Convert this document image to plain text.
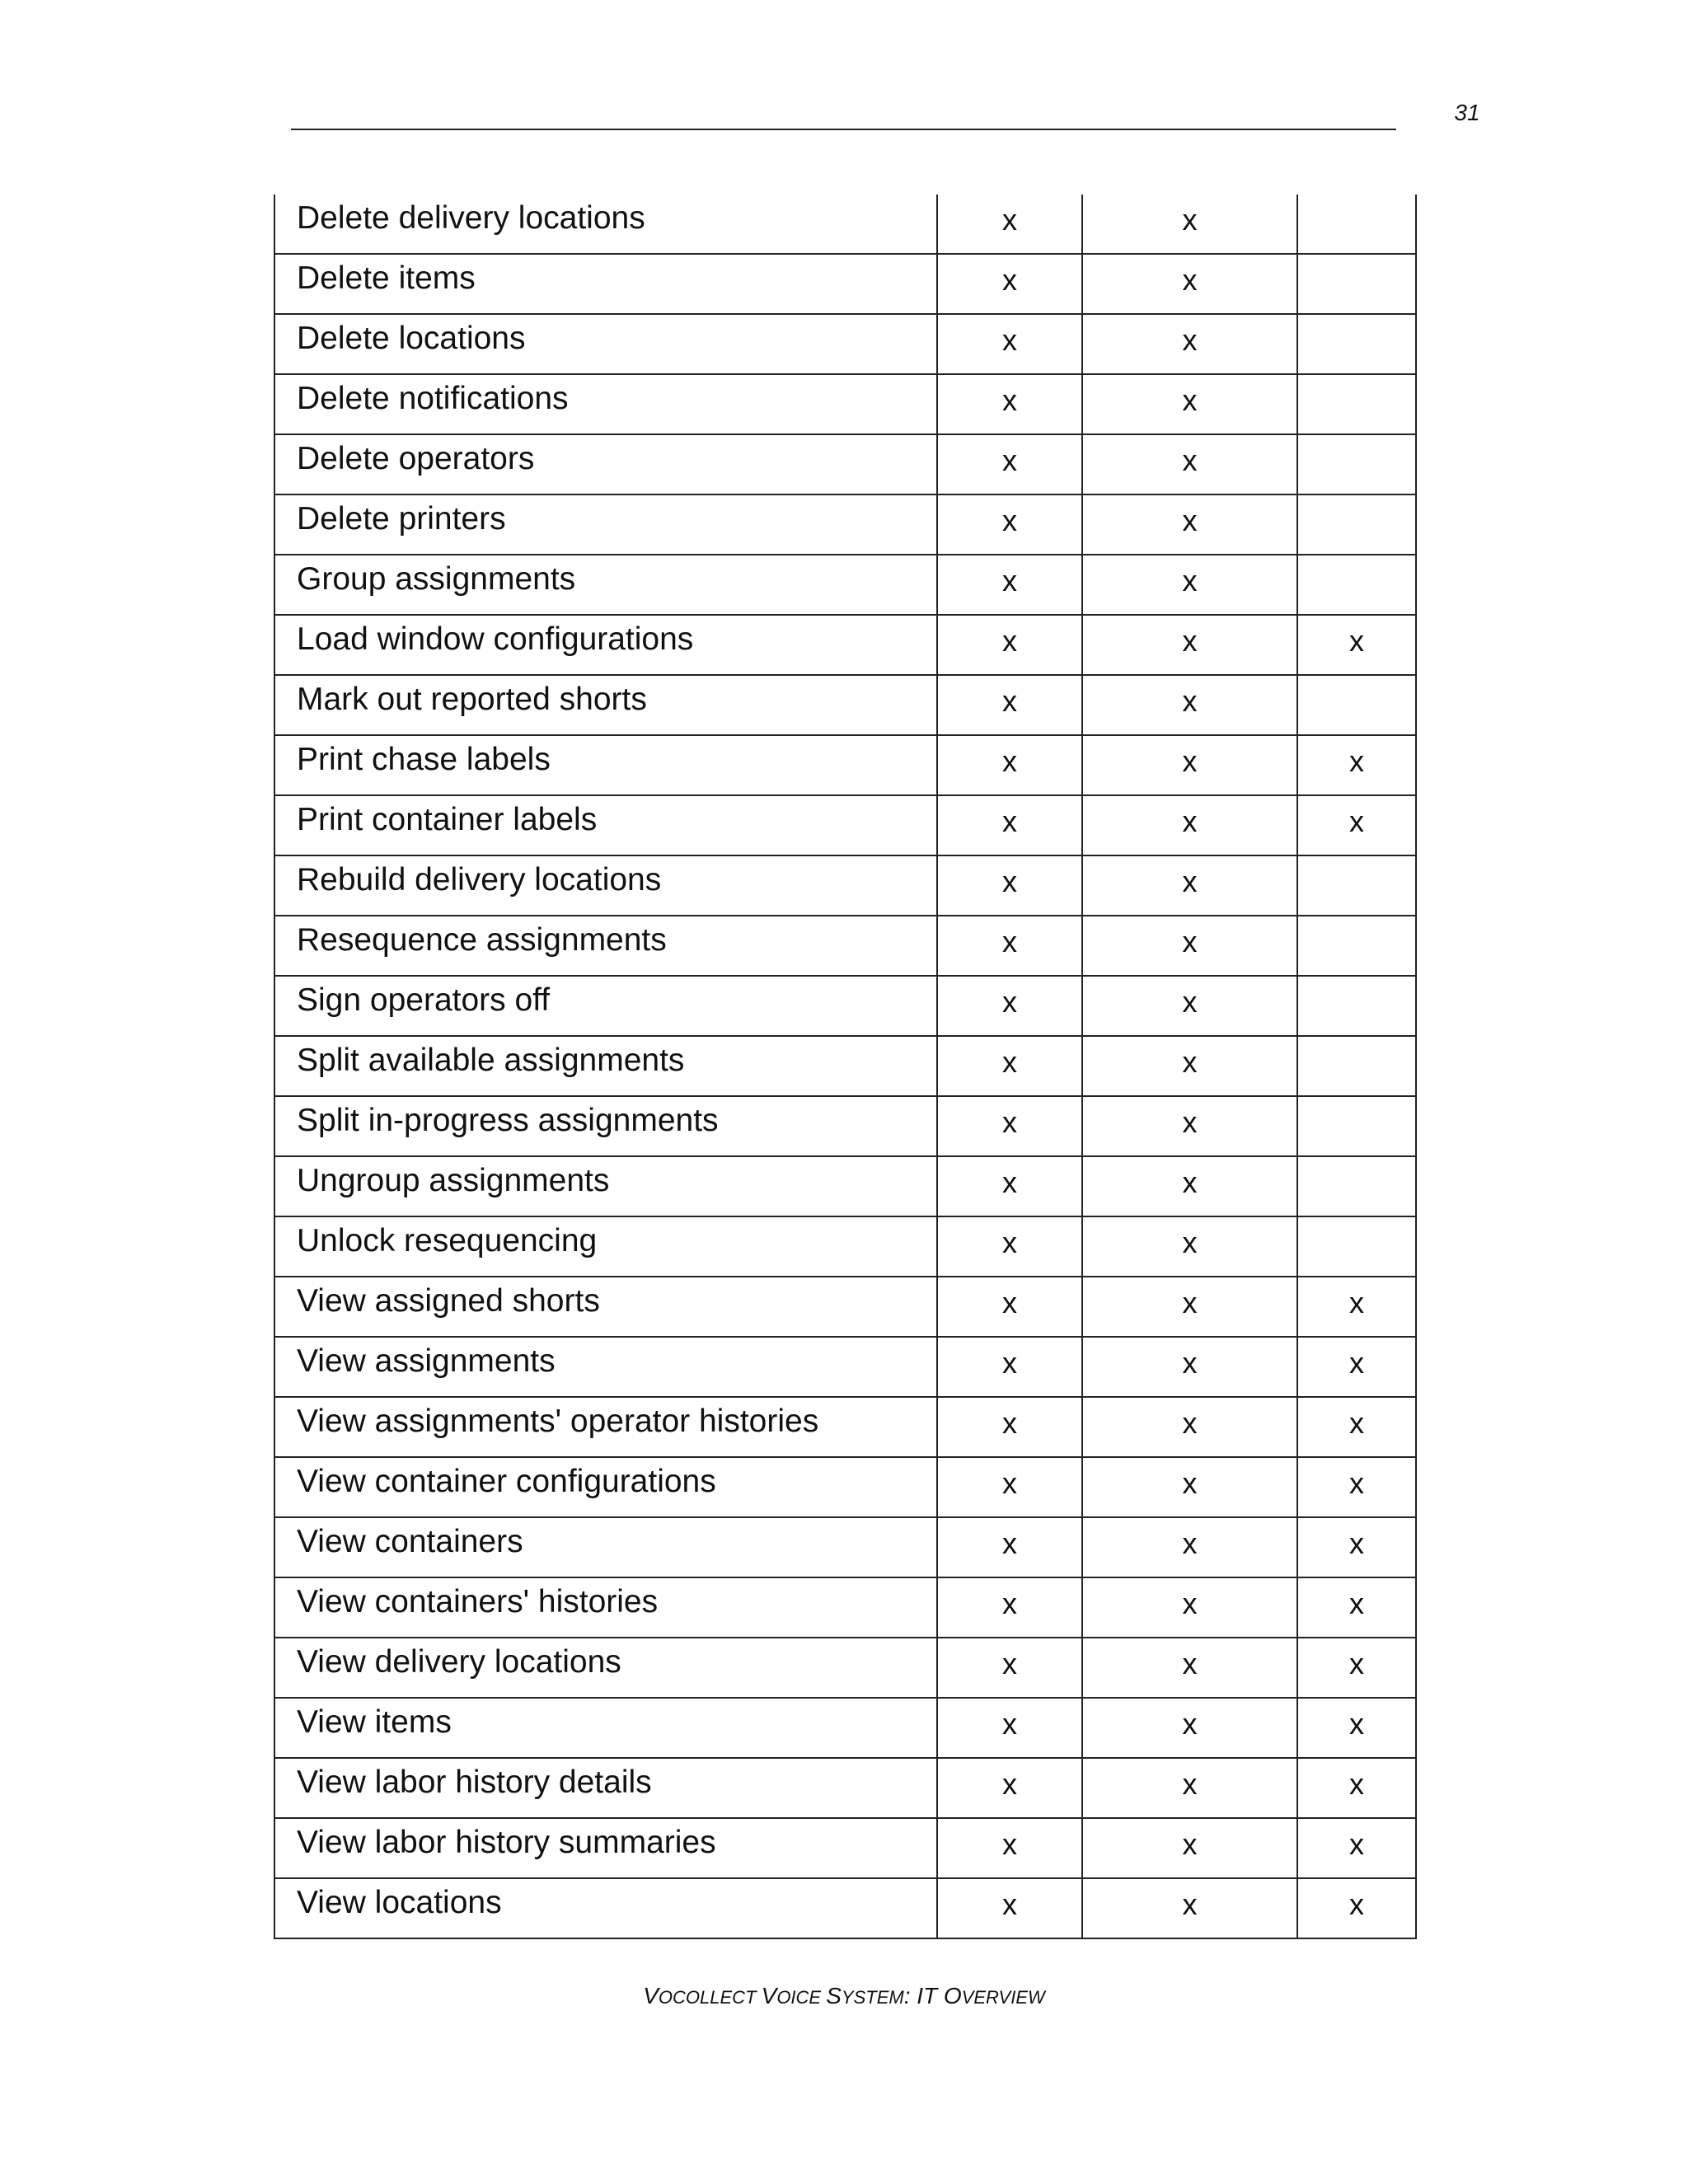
31
Delete delivery locations	x	x	
Delete items	x	x	
Delete locations	x	x	
Delete notifications	x	x	
Delete operators	x	x	
Delete printers	x	x	
Group assignments	x	x	
Load window configurations	x	x	x
Mark out reported shorts	x	x	
Print chase labels	x	x	x
Print container labels	x	x	x
Rebuild delivery locations	x	x	
Resequence assignments	x	x	
Sign operators off	x	x	
Split available assignments	x	x	
Split in-progress assignments	x	x	
Ungroup assignments	x	x	
Unlock resequencing	x	x	
View assigned shorts	x	x	x
View assignments	x	x	x
View assignments' operator histories	x	x	x
View container configurations	x	x	x
View containers	x	x	x
View containers' histories	x	x	x
View delivery locations	x	x	x
View items	x	x	x
View labor history details	x	x	x
View labor history summaries	x	x	x
View locations	x	x	x
VOCOLLECT VOICE SYSTEM: IT OVERVIEW
